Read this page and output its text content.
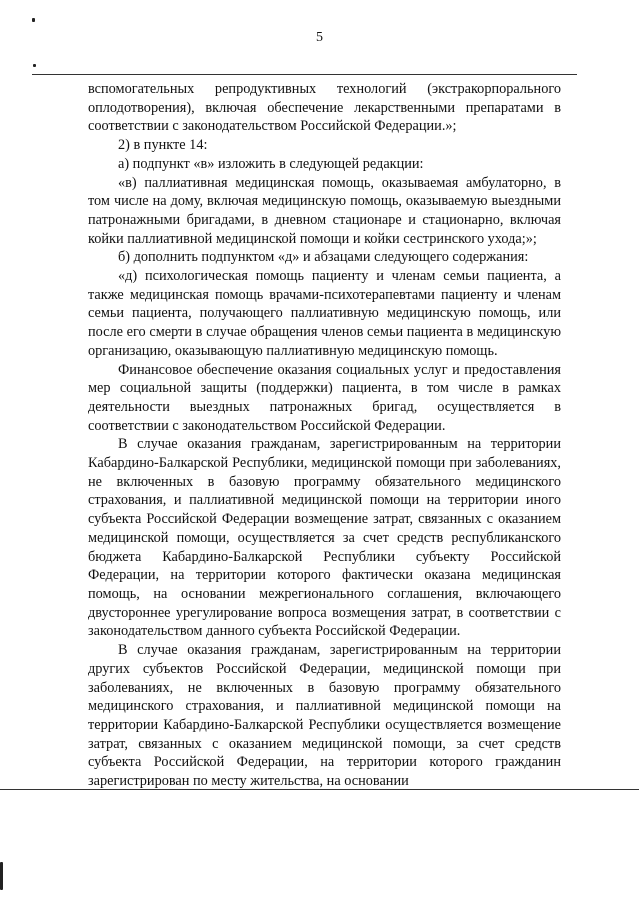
5

вспомогательных репродуктивных технологий (экстракорпорального оплодотворения), включая обеспечение лекарственными препаратами в соответствии с законодательством Российской Федерации.»;

2) в пункте 14:

а) подпункт «в» изложить в следующей редакции:

«в) паллиативная медицинская помощь, оказываемая амбулаторно, в том числе на дому, включая медицинскую помощь, оказываемую выездными патронажными бригадами, в дневном стационаре и стационарно, включая койки паллиативной медицинской помощи и койки сестринского ухода;»;

б) дополнить подпунктом «д» и абзацами следующего содержания:

«д) психологическая помощь пациенту и членам семьи пациента, а также медицинская помощь врачами-психотерапевтами пациенту и членам семьи пациента, получающего паллиативную медицинскую помощь, или после его смерти в случае обращения членов семьи пациента в медицинскую организацию, оказывающую паллиативную медицинскую помощь.

Финансовое обеспечение оказания социальных услуг и предоставления мер социальной защиты (поддержки) пациента, в том числе в рамках деятельности выездных патронажных бригад, осуществляется в соответствии с законодательством Российской Федерации.

В случае оказания гражданам, зарегистрированным на территории Кабардино-Балкарской Республики, медицинской помощи при заболеваниях, не включенных в базовую программу обязательного медицинского страхования, и паллиативной медицинской помощи на территории иного субъекта Российской Федерации возмещение затрат, связанных с оказанием медицинской помощи, осуществляется за счет средств республиканского бюджета Кабардино-Балкарской Республики субъекту Российской Федерации, на территории которого фактически оказана медицинская помощь, на основании межрегионального соглашения, включающего двустороннее урегулирование вопроса возмещения затрат, в соответствии с законодательством данного субъекта Российской Федерации.

В случае оказания гражданам, зарегистрированным на территории других субъектов Российской Федерации, медицинской помощи при заболеваниях, не включенных в базовую программу обязательного медицинского страхования, и паллиативной медицинской помощи на территории Кабардино-Балкарской Республики осуществляется возмещение затрат, связанных с оказанием медицинской помощи, за счет средств субъекта Российской Федерации, на территории которого гражданин зарегистрирован по месту жительства, на основании
